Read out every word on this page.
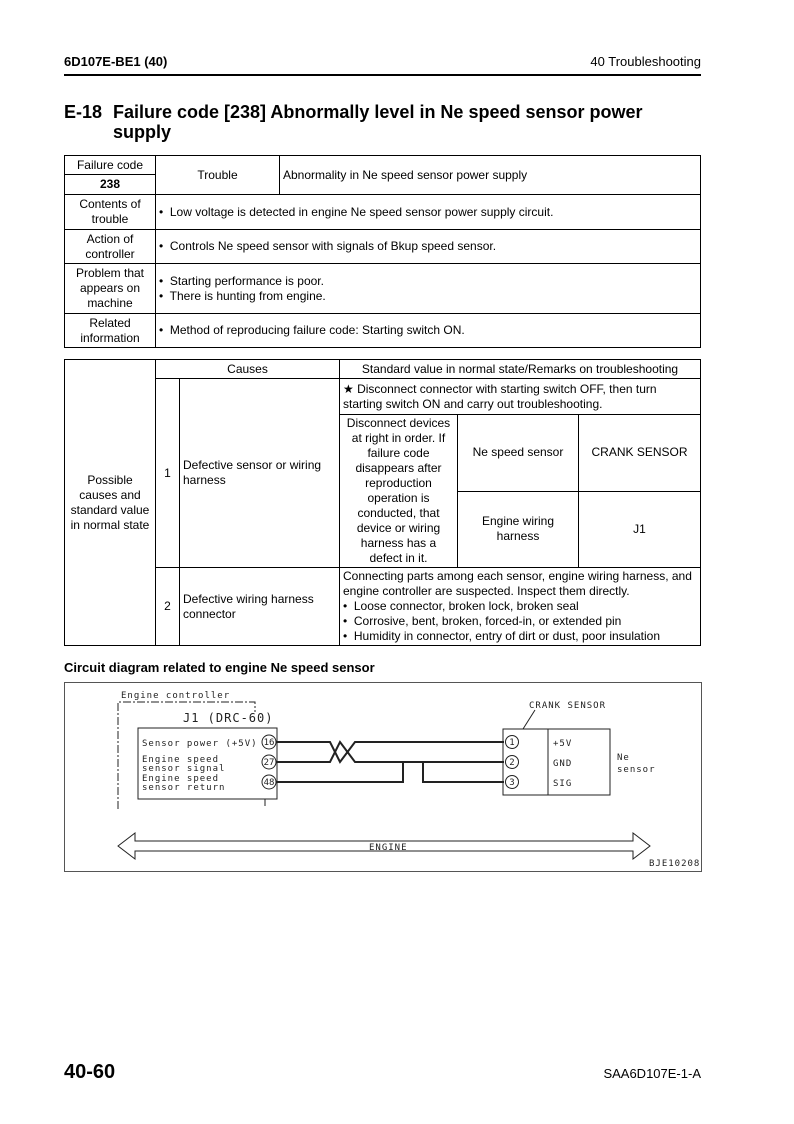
6D107E-BE1 (40)	40 Troubleshooting
E-18 Failure code [238] Abnormally level in Ne speed sensor power
supply
Failure code	Trouble	Abnormality in Ne speed sensor power supply
238		
Contents of trouble	•  Low voltage is detected in engine Ne speed sensor power supply circuit.	
Action of controller	•  Controls Ne speed sensor with signals of Bkup speed sensor.	
Problem that appears on machine	•  Starting performance is poor.
•  There is hunting from engine.	
Related information	•  Method of reproducing failure code: Starting switch ON.	
Possible causes and standard value in normal state	Causes		Standard value in normal state/Remarks on troubleshooting		
	1	Defective sensor or wiring harness	★ Disconnect connector with starting switch OFF, then turn starting switch ON and carry out troubleshooting.		
			Disconnect devices at right in order. If failure code disappears after reproduction operation is conducted, that device or wiring harness has a defect in it.	Ne speed sensor	CRANK SENSOR
				Engine wiring harness	J1
	2	Defective wiring harness connector	Connecting parts among each sensor, engine wiring harness, and engine controller are suspected. Inspect them directly.
•  Loose connector, broken lock, broken seal
•  Corrosive, bent, broken, forced-in, or extended pin
•  Humidity in connector, entry of dirt or dust, poor insulation		
Circuit diagram related to engine Ne speed sensor
Engine controller
J1 (DRC-60)
Sensor power (+5V)
Engine speed
sensor signal
Engine speed
sensor return
16
27
48
CRANK SENSOR
1
2
3
+5V
GND
SIG
Ne
sensor
ENGINE
BJE10208
40-60	SAA6D107E-1-A
